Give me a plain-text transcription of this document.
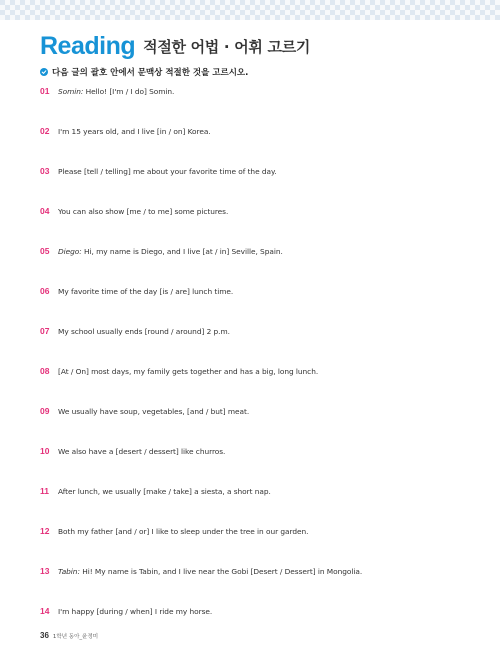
Reading 적절한 어법 · 어휘 고르기
다음 글의 괄호 안에서 문맥상 적절한 것을 고르시오.
01	Somin: Hello! [I'm / I do] Somin.
02	I'm 15 years old, and I live [in / on] Korea.
03	Please [tell / telling] me about your favorite time of the day.
04	You can also show [me / to me] some pictures.
05	Diego: Hi, my name is Diego, and I live [at / in] Seville, Spain.
06	My favorite time of the day [is / are] lunch time.
07	My school usually ends [round / around] 2 p.m.
08	[At / On] most days, my family gets together and has a big, long lunch.
09	We usually have soup, vegetables, [and / but] meat.
10	We also have a [desert / dessert] like churros.
11	After lunch, we usually [make / take] a siesta, a short nap.
12	Both my father [and / or] I like to sleep under the tree in our garden.
13	Tabin: Hi! My name is Tabin, and I live near the Gobi [Desert / Dessert] in Mongolia.
14	I'm happy [during / when] I ride my horse.
36 1학년 동아_윤정미
